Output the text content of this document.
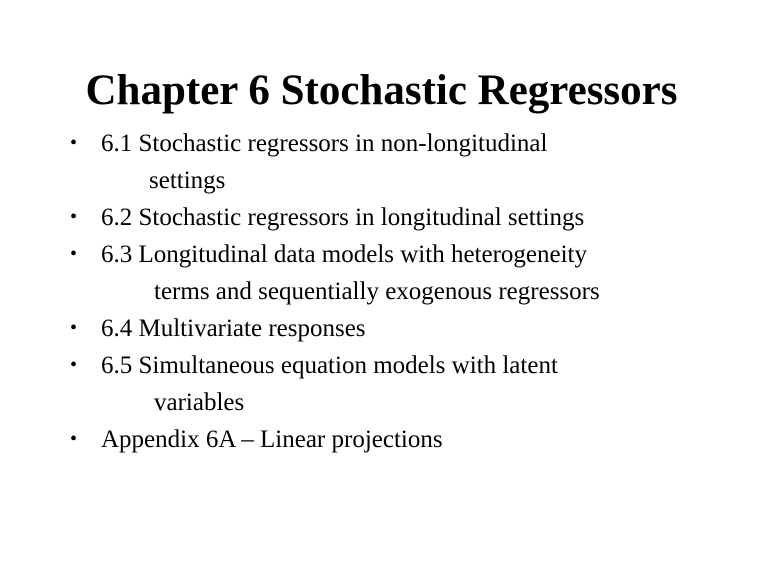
Chapter 6 Stochastic Regressors
• 6.1 Stochastic regressors in non-longitudinal
settings
• 6.2 Stochastic regressors in longitudinal settings
• 6.3 Longitudinal data models with heterogeneity
terms and sequentially exogenous regressors
• 6.4 Multivariate responses
• 6.5 Simultaneous equation models with latent
variables
• Appendix 6A – Linear projections
